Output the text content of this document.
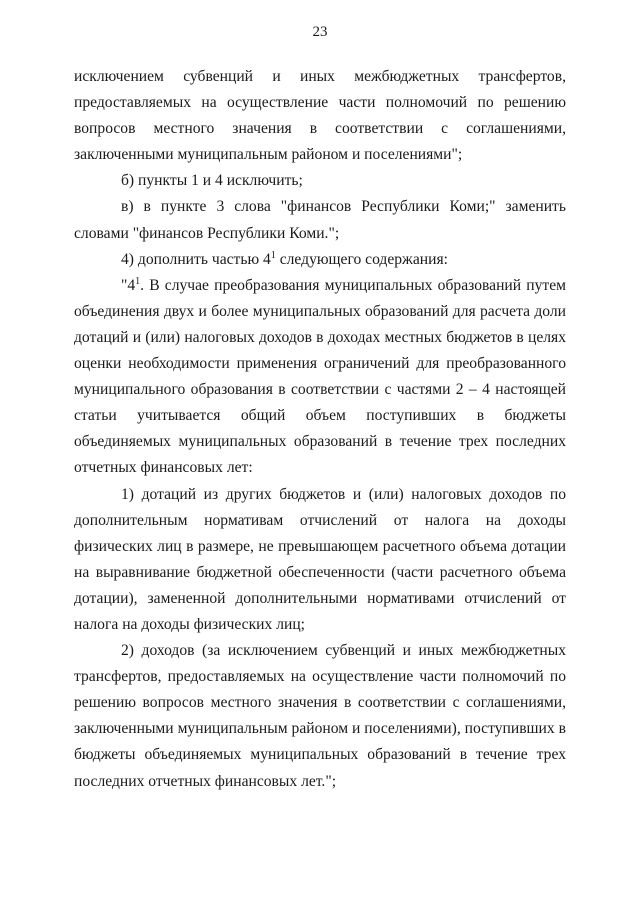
23

исключением субвенций и иных межбюджетных трансфертов, предоставляемых на осуществление части полномочий по решению вопросов местного значения в соответствии с соглашениями, заключенными муниципальным районом и поселениями";

б) пункты 1 и 4 исключить;

в) в пункте 3 слова "финансов Республики Коми;" заменить словами "финансов Республики Коми.";

4) дополнить частью $4^1$ следующего содержания:

"$4^1$. В случае преобразования муниципальных образований путем объединения двух и более муниципальных образований для расчета доли дотаций и (или) налоговых доходов в доходах местных бюджетов в целях оценки необходимости применения ограничений для преобразованного муниципального образования в соответствии с частями 2 – 4 настоящей статьи учитывается общий объем поступивших в бюджеты объединяемых муниципальных образований в течение трех последних отчетных финансовых лет:

1) дотаций из других бюджетов и (или) налоговых доходов по дополнительным нормативам отчислений от налога на доходы физических лиц в размере, не превышающем расчетного объема дотации на выравнивание бюджетной обеспеченности (части расчетного объема дотации), замененной дополнительными нормативами отчислений от налога на доходы физических лиц;

2) доходов (за исключением субвенций и иных межбюджетных трансфертов, предоставляемых на осуществление части полномочий по решению вопросов местного значения в соответствии с соглашениями, заключенными муниципальным районом и поселениями), поступивших в бюджеты объединяемых муниципальных образований в течение трех последних отчетных финансовых лет.";
